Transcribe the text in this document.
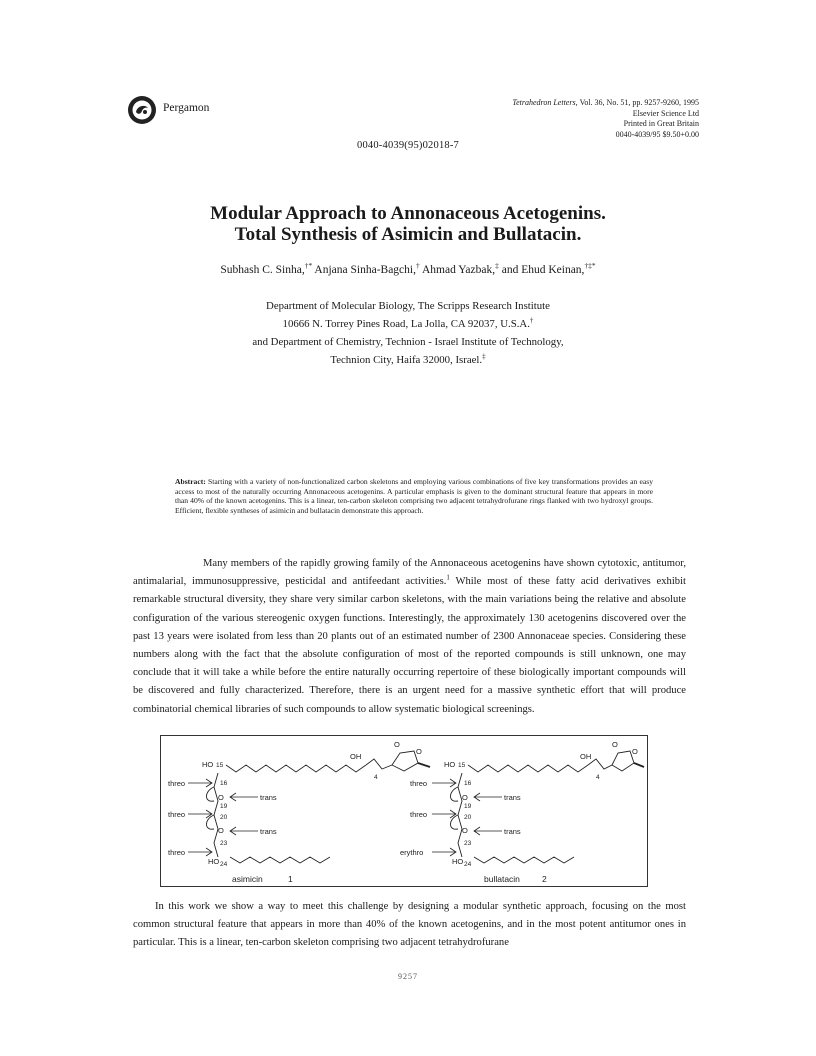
Pergamon	Tetrahedron Letters, Vol. 36, No. 51, pp. 9257-9260, 1995
Elsevier Science Ltd
Printed in Great Britain
0040-4039/95 $9.50+0.00
0040-4039(95)02018-7
Modular Approach to Annonaceous Acetogenins.
Total Synthesis of Asimicin and Bullatacin.
Subhash C. Sinha,†* Anjana Sinha-Bagchi,† Ahmad Yazbak,‡ and Ehud Keinan,†‡*
Department of Molecular Biology, The Scripps Research Institute
10666 N. Torrey Pines Road, La Jolla, CA 92037, U.S.A.†
and Department of Chemistry, Technion - Israel Institute of Technology,
Technion City, Haifa 32000, Israel.‡
Abstract: Starting with a variety of non-functionalized carbon skeletons and employing various combinations of five key transformations provides an easy access to most of the naturally occurring Annonaceous acetogenins. A particular emphasis is given to the dominant structural feature that appears in more than 40% of the known acetogenins. This is a linear, ten-carbon skeleton comprising two adjacent tetrahydrofurane rings flanked with two hydroxyl groups. Efficient, flexible syntheses of asimicin and bullatacin demonstrate this approach.
Many members of the rapidly growing family of the Annonaceous acetogenins have shown cytotoxic, antitumor, antimalarial, immunosuppressive, pesticidal and antifeedant activities.$^1$ While most of these fatty acid derivatives exhibit remarkable structural diversity, they share very similar carbon skeletons, with the main variations being the relative and absolute configuration of the various stereogenic oxygen functions. Interestingly, the approximately 130 acetogenins discovered over the past 13 years were isolated from less than 20 plants out of an estimated number of 2300 Annonaceae species. Considering these numbers along with the fact that the absolute configuration of most of the reported compounds is still unknown, one may conclude that it will take a while before the entire naturally occurring repertoire of these biologically important compounds will be discovered and fully characterized. Therefore, there is an urgent need for a massive synthetic effort that will produce combinatorial chemical libraries of such compounds to allow systematic biological screenings.
HO 15
OH
4
O
O
16
O
19
20
O
23
HO 24
threo
threo
threo
trans
trans
asimicin	1
HO 15
OH
4
O
O
16
O
19
20
O
23
HO 24
threo
threo
erythro
trans
trans
bullatacin	2
In this work we show a way to meet this challenge by designing a modular synthetic approach, focusing on the most common structural feature that appears in more than 40% of the known acetogenins, and in the most potent antitumor ones in particular. This is a linear, ten-carbon skeleton comprising two adjacent tetrahydrofurane
9257
